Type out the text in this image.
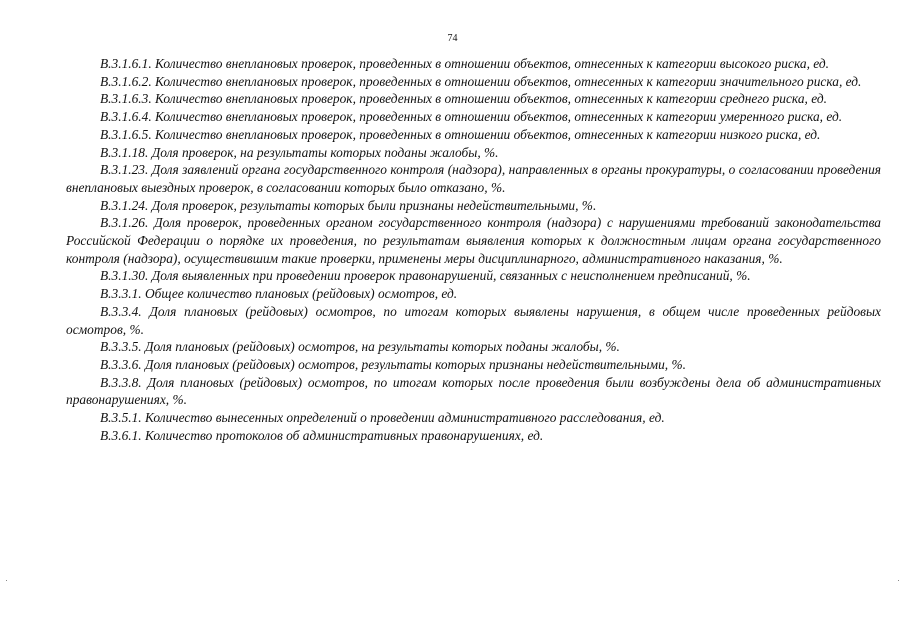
74

В.3.1.6.1. Количество внеплановых проверок, проведенных в отношении объектов, отнесенных к категории высокого риска, ед.

В.3.1.6.2. Количество внеплановых проверок, проведенных в отношении объектов, отнесенных к категории значительного риска, ед.

В.3.1.6.3. Количество внеплановых проверок, проведенных в отношении объектов, отнесенных к категории среднего риска, ед.

В.3.1.6.4. Количество внеплановых проверок, проведенных в отношении объектов, отнесенных к категории умеренного риска, ед.

В.3.1.6.5. Количество внеплановых проверок, проведенных в отношении объектов, отнесенных к категории низкого риска, ед.

В.3.1.18. Доля проверок, на результаты которых поданы жалобы, %.

В.3.1.23. Доля заявлений органа государственного контроля (надзора), направленных в органы прокуратуры, о согласовании проведения внеплановых выездных проверок, в согласовании которых было отказано, %.

В.3.1.24. Доля проверок, результаты которых были признаны недействительными, %.

В.3.1.26. Доля проверок, проведенных органом государственного контроля (надзора) с нарушениями требований законодательства Российской Федерации о порядке их проведения, по результатам выявления которых к должностным лицам органа государственного контроля (надзора), осуществившим такие проверки, применены меры дисциплинарного, административного наказания, %.

В.3.1.30. Доля выявленных при проведении проверок правонарушений, связанных с неисполнением предписаний, %.

В.3.3.1. Общее количество плановых (рейдовых) осмотров, ед.

В.3.3.4. Доля плановых (рейдовых) осмотров, по итогам которых выявлены нарушения, в общем числе проведенных рейдовых осмотров, %.

В.3.3.5. Доля плановых (рейдовых) осмотров, на результаты которых поданы жалобы, %.

В.3.3.6. Доля плановых (рейдовых) осмотров, результаты которых признаны недействительными, %.

В.3.3.8. Доля плановых (рейдовых) осмотров, по итогам которых после проведения были возбуждены дела об административных правонарушениях, %.

В.3.5.1. Количество вынесенных определений о проведении административного расследования, ед.

В.3.6.1. Количество протоколов об административных правонарушениях, ед.
